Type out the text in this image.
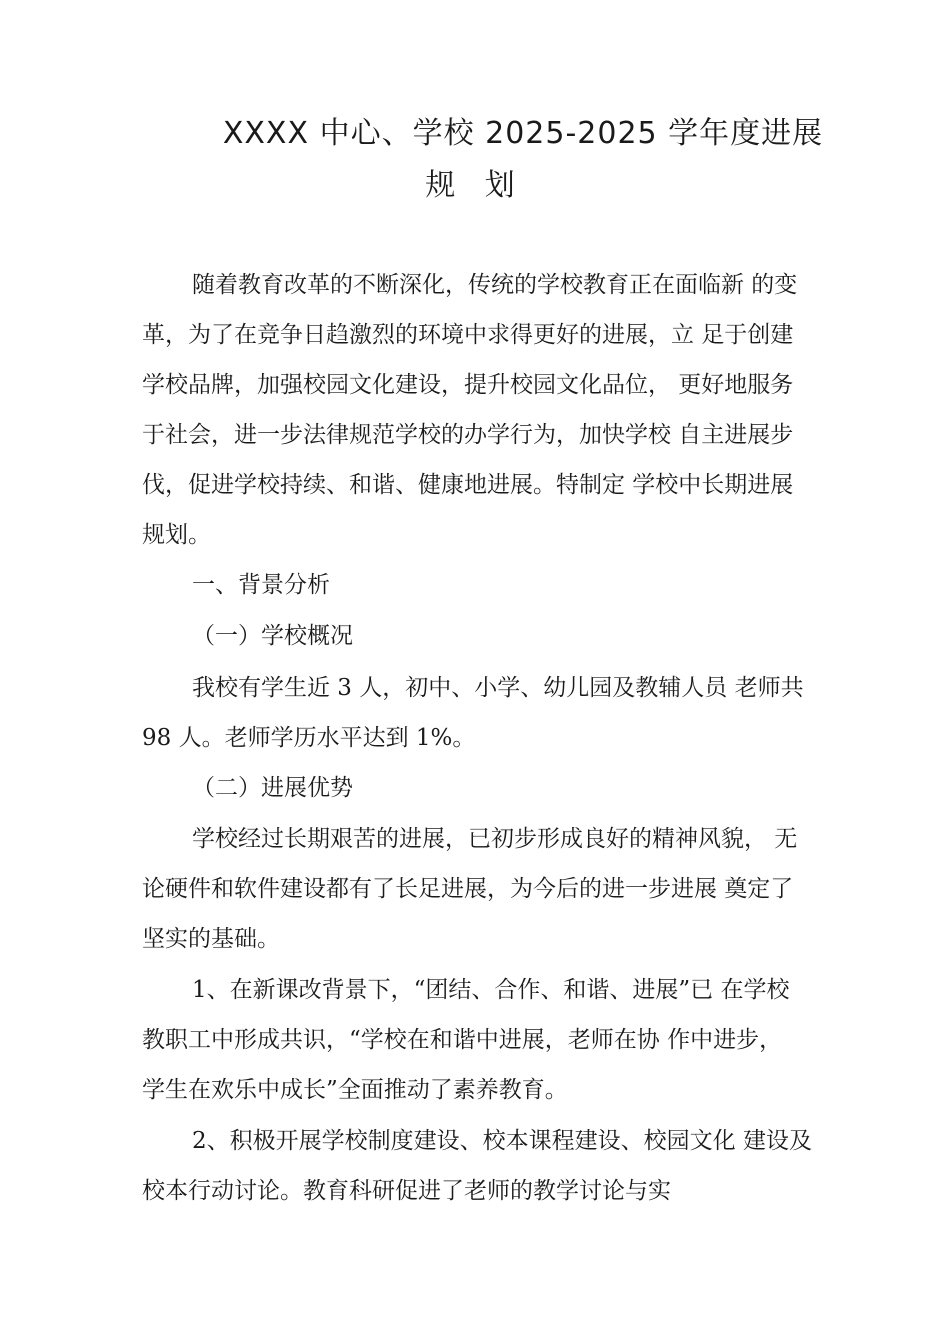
XXXX 中心、学校 2025-2025 学年度进展
规 划
随着教育改革的不断深化，传统的学校教育正在面临新 的变
革，为了在竞争日趋激烈的环境中求得更好的进展，立 足于创建
学校品牌，加强校园文化建设，提升校园文化品位， 更好地服务
于社会，进一步法律规范学校的办学行为，加快学校 自主进展步
伐，促进学校持续、和谐、健康地进展。特制定 学校中长期进展
规划。
一、背景分析
（一）学校概况
我校有学生近 3 人，初中、小学、幼儿园及教辅人员 老师共
98 人。老师学历水平达到 1%。
（二）进展优势
学校经过长期艰苦的进展，已初步形成良好的精神风貌， 无
论硬件和软件建设都有了长足进展，为今后的进一步进展 奠定了
坚实的基础。
1、在新课改背景下，“团结、合作、和谐、进展”已 在学校
教职工中形成共识，“学校在和谐中进展，老师在协 作中进步，
学生在欢乐中成长”全面推动了素养教育。
2、积极开展学校制度建设、校本课程建设、校园文化 建设及
校本行动讨论。教育科研促进了老师的教学讨论与实
